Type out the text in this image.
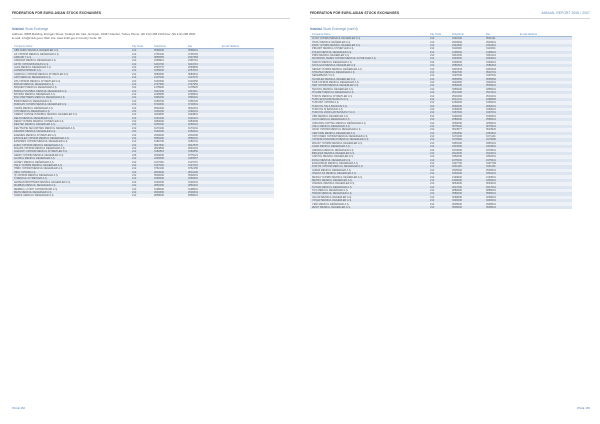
FEDERATION FOR EURO-ASIAN STOCK EXCHANGES
Istanbul Stock Exchange
Address: IMKB Building, Emirgan Street, Tarabya Altı Cad., Emirgan, 34467 Istanbul, Turkey Phone: (90 212) 298 2100 Fax: (90 212) 298 2500
E-mail: info@imkb.gov.tr Web site: www.imkb.gov.tr Country Code: 90
Company Name	City Code	Telephone	Fax	E-mail Address
ABN AMRO MENKUL DEĞERLER A.Ş.	212	3596000	3596001	
AK YATIRIM MENKUL DEĞERLER A.Ş.	212	2705100	2705154	
AKBANK T.A.Ş.	212	3855555	2697383	
AKDENİZ MENKUL DEĞERLER A.Ş.	212	2469910	2465710	
AKTİF YATIRIM BANKASI A.Ş.	212	3404700	3404715	
ALFA MENKUL DEĞERLER A.Ş.	212	2593770	2593800	
ALTERNATİFBANK A.Ş.	212	3155000	2257615	
ANADOLU YATIRIM MENKUL KIYMETLER A.Ş.	212	3683300	3683301	
ARTI MENKUL DEĞERLER A.Ş.	212	2127000	2127070	
ATA YATIRIM MENKUL KIYMETLER A.Ş.	212	3101500	3101550	
BAHAR MENKUL DEĞERLER A.Ş.	212	2747950	2747951	
BAŞKENT MENKUL DEĞERLER A.Ş.	312	4178900	4178925	
BORSA İSTANBUL MENKUL DEĞERLER A.Ş.	212	3441900	3441911	
BAYRAK MENKUL DEĞERLER A.Ş.	212	2299985	2299901	
BGC PARTNERS MENKUL DEĞERLER A.Ş.	212	3396400	3396401	
BİZİM MENKUL DEĞERLER A.Ş.	212	3159700	3159720	
BURGAN YATIRIM MENKUL DEĞERLER A.Ş.	212	3718300	3718301	
CAMİŞ MENKUL DEĞERLER A.Ş.	212	3502400	3502401	
CITI MENKUL DEĞERLER A.Ş.	212	3191000	3191001	
CREDIT SUISSE İSTANBUL MENKUL DEĞERLER A.Ş.	212	3494800	3494801	
DELTA MENKUL DEĞERLER A.Ş.	212	3101200	3101221	
DENİZ YATIRIM MENKUL KIYMETLER A.Ş.	212	3484000	3484099	
DESTEK MENKUL DEĞERLER A.Ş.	212	3265200	3265201	
DEUTSCHE SECURITIES MENKUL DEĞERLER A.Ş.	212	3170100	3170101	
DİNAMİK MENKUL DEĞERLER A.Ş.	212	3152000	3152001	
EGEMEN MENKUL KIYMETLER A.Ş.	212	2930000	2931000	
EKİNCİLER YATIRIM MENKUL DEĞERLER A.Ş.	212	3556200	3556201	
EKSPRES YATIRIM MENKUL DEĞERLER A.Ş.	212	3180700	3180701	
EURO YATIRIM MENKUL DEĞERLER A.Ş.	212	3547800	3547878	
FİNANS YATIRIM MENKUL DEĞERLER A.Ş.	212	2823800	2821001	
GARANTİ YATIRIM MENKUL KIYMETLER A.Ş.	212	3181818	3181850	
GEDİK YATIRIM MENKUL DEĞERLER A.Ş.	216	4530000	3775121	
GLOBAL MENKUL DEĞERLER A.Ş.	212	2445566	2445567	
GÜNEY MENKUL DEĞERLER A.Ş.	212	2117000	2117070	
HALK YATIRIM MENKUL DEĞERLER A.Ş.	212	3147000	3147001	
HSBC YATIRIM MENKUL DEĞERLER A.Ş.	212	3762100	3762155	
İNFO YATIRIM A.Ş.	212	2810000	2810100	
İŞ YATIRIM MENKUL DEĞERLER A.Ş.	212	3502000	3502001	
K MENKUL KIYMETLER A.Ş.	212	3260500	3260501	
LEHMAN BROTHERS MENKUL DEĞERLER A.Ş.	212	3101000	3101001	
MARBAŞ MENKUL DEĞERLER A.Ş.	212	2860400	2860401	
MERRILL LYNCH YATIRIM BANK A.Ş.	212	3198600	3198601	
META MENKUL DEĞERLER A.Ş.	212	2900300	2900301	
NUROL MENKUL DEĞERLER A.Ş.	212	2868000	2868001	
PAGE 182
FEDERATION FOR EURO-ASIAN STOCK EXCHANGES	ANNUAL REPORT 2006 / 2007
Istanbul Stock Exchange (cont'd)
Company Name	City Code	Telephone	Fax	E-mail Address
OYAK YATIRIM MENKUL DEĞERLER A.Ş.	212	3191200	3511191	
ÖNCÜ MENKUL DEĞERLER A.Ş.	212	2919000	2919001	
PARK YATIRIM MENKUL DEĞERLER A.Ş.	212	2441800	2441801	
PİRAMİT MENKUL KIYMETLER A.Ş.	212	3110000	3110001	
POLEN MENKUL DEĞERLER A.Ş.	212	2196000	2196001	
PRİM MENKUL DEĞERLER A.Ş.	212	3341000	3341001	
RAYMOND JAMES YATIRIM MENKUL KIYMETLER A.Ş.	212	3494000	3494001	
SANKO MENKUL DEĞERLER A.Ş.	212	2490000	2490001	
SAYILGAN MENKUL DEĞERLER A.Ş.	212	2586363	2586364	
SEKER YATIRIM MENKUL DEĞERLER A.Ş.	212	3345333	3345334	
STRATEJİ MENKUL DEĞERLER A.Ş.	212	3540700	3540701	
ŞEKERBANK T.A.Ş.	212	3197000	3197001	
TACİRLER MENKUL DEĞERLER A.Ş.	212	3555555	3555556	
TAİB YATIRIM MENKUL DEĞERLER A.Ş.	212	3440600	3440601	
TEB YATIRIM MENKUL DEĞERLER A.Ş.	212	3550000	3550001	
TEKSTİL MENKUL DEĞERLER A.Ş.	212	3356000	3356001	
TİCARET MENKUL DEĞERLER A.Ş.	212	2513100	2513101	
TOROS MENKUL KIYMETLER A.Ş.	212	2516200	2516201	
TÜRK EKONOMİ BANKASI A.Ş.	212	2512121	2499696	
TURKISH YATIRIM A.Ş.	212	3150000	3150001	
TÜRKİYE HALK BANKASI A.Ş.	312	2892000	2892001	
TÜRKİYE İŞ BANKASI A.Ş.	212	3160000	3160001	
TÜRKİYE VAKIFLAR BANKASI T.A.O.	212	3167000	3167001	
UBS MENKUL DEĞERLER A.Ş.	212	3192000	3192001	
ULUS MENKUL DEĞERLER A.Ş.	212	2580500	2580501	
UNİCORN CAPITAL MENKUL DEĞERLER A.Ş.	212	3250000	3250001	
ÜNLÜ MENKUL DEĞERLER A.Ş.	212	3675000	3675001	
VAKIF YATIRIM MENKUL DEĞERLER A.Ş.	212	3523577	3523620	
VENTURE MENKUL DEĞERLER A.Ş.	212	2451800	2451801	
YAPI KREDİ YATIRIM MENKUL DEĞERLER A.Ş.	212	3171000	3171101	
YATIRIM FİNANSMAN MENKUL DEĞERLER A.Ş.	212	3176900	3176990	
ZİRAAT YATIRIM MENKUL DEĞERLER A.Ş.	212	3365100	3365101	
ACAR MENKUL DEĞERLER A.Ş.	212	2324500	2324501	
ARMADA MENKUL DEĞERLER A.Ş.	212	3470000	3470001	
BİRLEŞİK MENKUL DEĞERLER A.Ş.	212	2910000	2910001	
CAPITAL MENKUL DEĞERLER A.Ş.	212	3352000	3352001	
DOĞU MENKUL DEĞERLER A.Ş.	212	2475000	2475001	
ECZACIBAŞI MENKUL DEĞERLER A.Ş.	212	3197700	3197799	
FORTİS YATIRIM MENKUL DEĞERLER A.Ş.	212	3401100	3401101	
GİZEM MENKUL DEĞERLER A.Ş.	212	2525000	2525001	
INVEST-AZ MENKUL DEĞERLER A.Ş.	212	3331000	3331001	
MEKSA YATIRIM MENKUL DEĞERLER A.Ş.	212	2193000	2193001	
METRO MENKUL DEĞERLER A.Ş.	212	2300000	2300001	
OSMANLI MENKUL DEĞERLER A.Ş.	212	3664000	3664001	
SOYER MENKUL DEĞERLER A.Ş.	212	2917000	2917001	
TAÇ MENKUL DEĞERLER A.Ş.	212	2880000	2880001	
TREND MENKUL DEĞERLER A.Ş.	212	3580000	3580001	
VALOR MENKUL DEĞERLER A.Ş.	212	3269000	3269001	
YAŞAR MENKUL DEĞERLER A.Ş.	212	3446000	3446001	
YENİ MENKUL DEĞERLER A.Ş.	212	2905000	2905001	
ZENİT MENKUL DEĞERLER A.Ş.	212	3505000	3505001	
PAGE 183
